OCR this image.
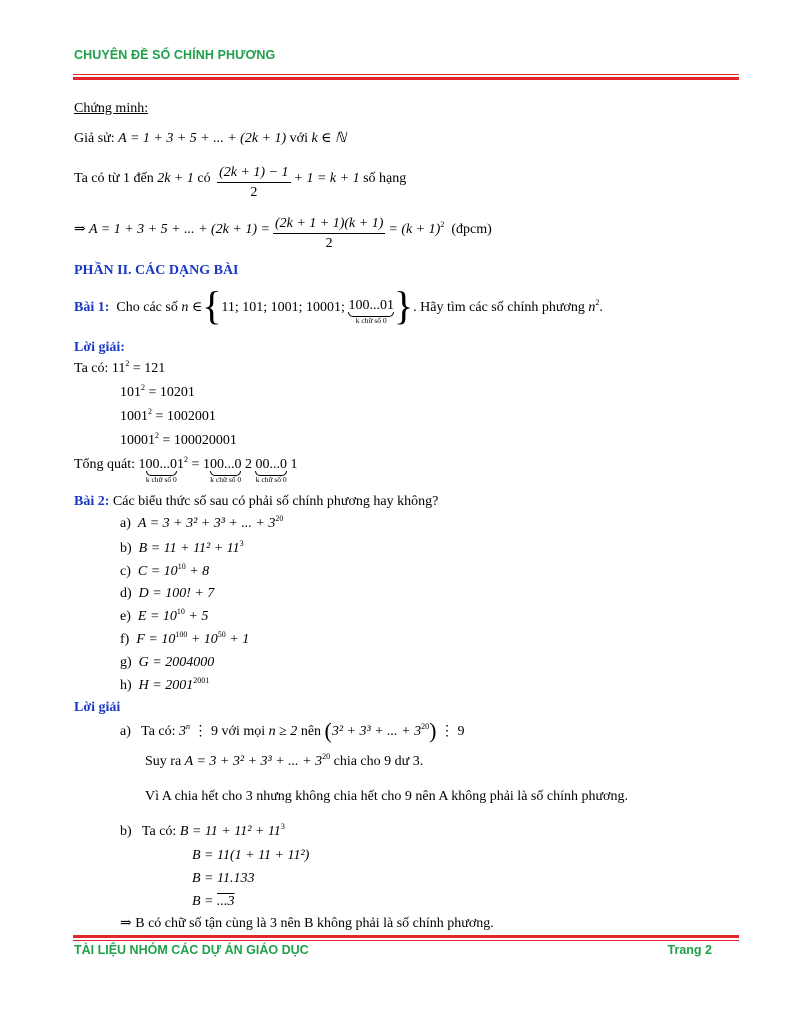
CHUYÊN ĐỀ SỐ CHÍNH PHƯƠNG
Chứng minh:
Giả sử: A = 1 + 3 + 5 + ... + (2k + 1) với k ∈ ℕ
Ta có từ 1 đến 2k + 1 có $\frac{(2k + 1) - 1}{2} + 1 = k + 1$ số hạng
⇒ A = 1 + 3 + 5 + ... + $(2k + 1) = \frac{(2k + 1 + 1)(k + 1)}{2} = (k + 1)^2$ (đpcm)
PHẦN II. CÁC DẠNG BÀI
Bài 1: Cho các số n ∈{11; 101; 1001; 10001; 100...01
k chữ số 0 }. Hãy tìm các số chính phương $n^2$.
Lời giải:
Ta có: $11^2 = 121$
$101^2 = 10201$
$1001^2 = 1002001$
$10001^2 = 100020001$
Tổng quát: 100...0
k chữ số 0
$1^2 = 100...0$
k chữ số 0
2 00...0
k chữ số 0
1
Bài 2: Các biểu thức số sau có phải số chính phương hay không?
a) A = 3 + 3² + 3³ + ... + $3^{20}$
b) $B = 11 + 11^2 + 11^3$
c) $C = 10^{10} + 8$
d) D = 100! + 7
e) $E = 10^{10} + 5$
f) $F = 10^{100} + 10^{50} + 1$
g) G = 2004000
h) $H = 2001^{2001}$
Lời giải
a) Ta có: 3$^n$ ⋮ 9 với mọi n ≥ 2 nên (3² + 3³ + ... + $3^{20}$) ⋮ 9
Suy ra A = 3 + 3² + 3³ + ... + $3^{20}$ chia cho 9 dư 3.
Vì A chia hết cho 3 nhưng không chia hết cho 9 nên A không phải là số chính phương.
b) Ta có: $B = 11 + 11^2 + 11^3$
B = 11(1 + 11 + 11²)
B = 11.133
B = ...3
⇒ B có chữ số tận cùng là 3 nên B không phải là số chính phương.
TÀI LIỆU NHÓM CÁC DỰ ÁN GIÁO DỤC	Trang 2
